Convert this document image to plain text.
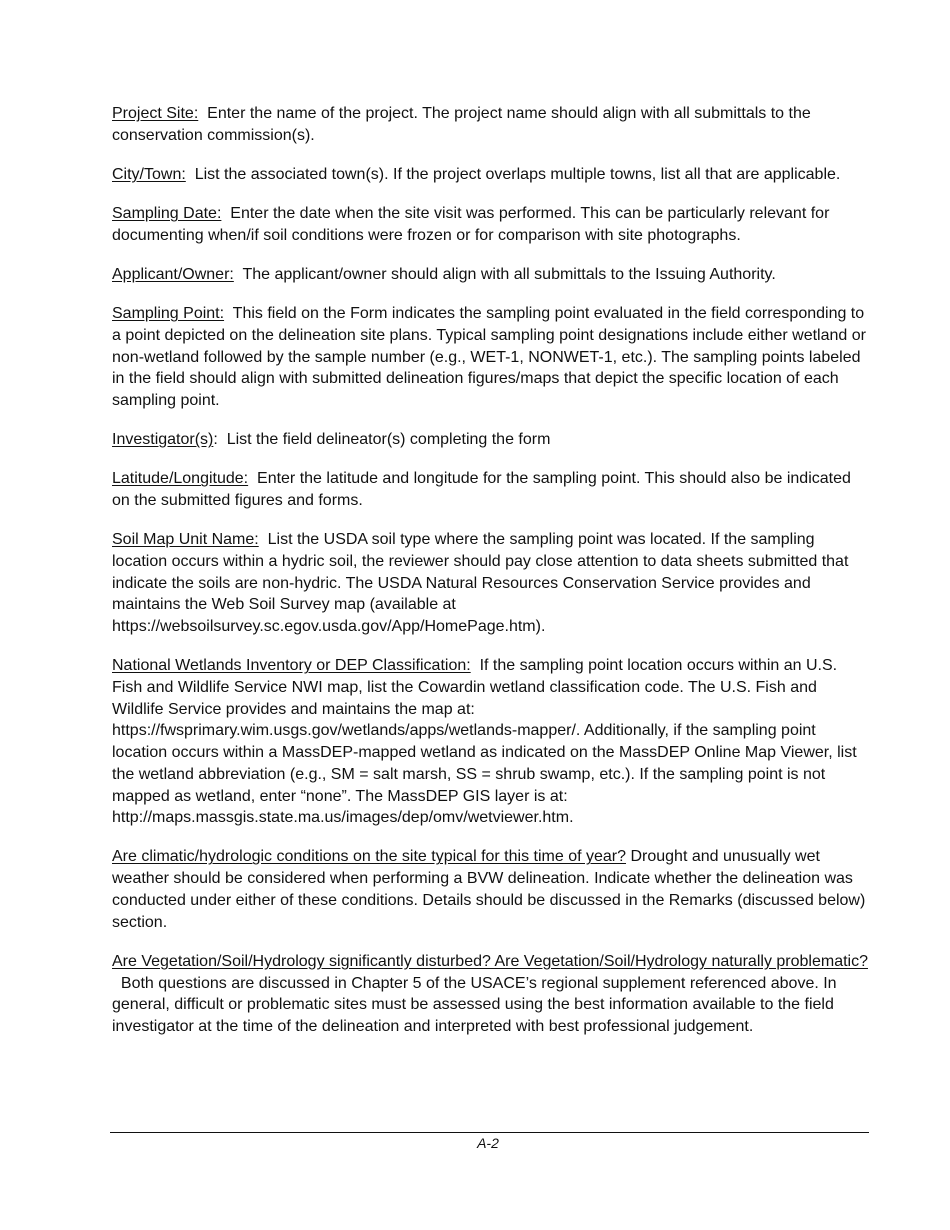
Project Site: Enter the name of the project. The project name should align with all submittals to the conservation commission(s).

City/Town: List the associated town(s). If the project overlaps multiple towns, list all that are applicable.

Sampling Date: Enter the date when the site visit was performed. This can be particularly relevant for documenting when/if soil conditions were frozen or for comparison with site photographs.

Applicant/Owner: The applicant/owner should align with all submittals to the Issuing Authority.

Sampling Point: This field on the Form indicates the sampling point evaluated in the field corresponding to a point depicted on the delineation site plans. Typical sampling point designations include either wetland or non-wetland followed by the sample number (e.g., WET-1, NONWET-1, etc.). The sampling points labeled in the field should align with submitted delineation figures/maps that depict the specific location of each sampling point.

Investigator(s):  List the field delineator(s) completing the form

Latitude/Longitude: Enter the latitude and longitude for the sampling point. This should also be indicated on the submitted figures and forms.

Soil Map Unit Name: List the USDA soil type where the sampling point was located. If the sampling location occurs within a hydric soil, the reviewer should pay close attention to data sheets submitted that indicate the soils are non-hydric. The USDA Natural Resources Conservation Service provides and maintains the Web Soil Survey map (available at https://websoilsurvey.sc.egov.usda.gov/App/HomePage.htm).

National Wetlands Inventory or DEP Classification: If the sampling point location occurs within an U.S. Fish and Wildlife Service NWI map, list the Cowardin wetland classification code. The U.S. Fish and Wildlife Service provides and maintains the map at: https://fwsprimary.wim.usgs.gov/wetlands/apps/wetlands-mapper/. Additionally, if the sampling point location occurs within a MassDEP-mapped wetland as indicated on the MassDEP Online Map Viewer, list the wetland abbreviation (e.g., SM = salt marsh, SS = shrub swamp, etc.). If the sampling point is not mapped as wetland, enter “none”. The MassDEP GIS layer is at: http://maps.massgis.state.ma.us/images/dep/omv/wetviewer.htm.

Are climatic/hydrologic conditions on the site typical for this time of year? Drought and unusually wet weather should be considered when performing a BVW delineation. Indicate whether the delineation was conducted under either of these conditions. Details should be discussed in the Remarks (discussed below) section.

Are Vegetation/Soil/Hydrology significantly disturbed? Are Vegetation/Soil/Hydrology naturally problematic?  Both questions are discussed in Chapter 5 of the USACE’s regional supplement referenced above. In general, difficult or problematic sites must be assessed using the best information available to the field investigator at the time of the delineation and interpreted with best professional judgement.

A-2
